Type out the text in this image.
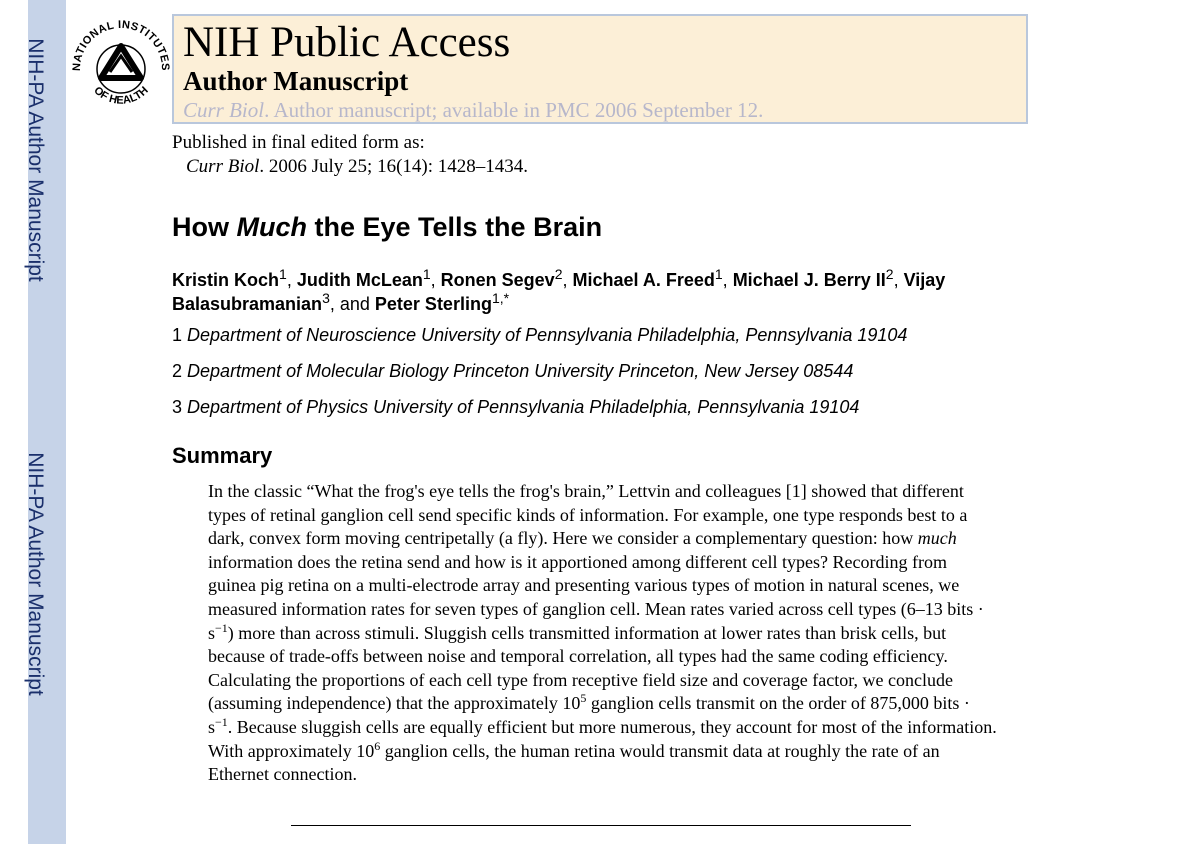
NIH-PA Author Manuscript
NIH-PA Author Manuscript
NATIONAL INSTITUTES
OF HEALTH
NIH Public Access
Author Manuscript
Curr Biol. Author manuscript; available in PMC 2006 September 12.
Published in final edited form as:
Curr Biol. 2006 July 25; 16(14): 1428–1434.
How Much the Eye Tells the Brain
Kristin Koch$^1$, Judith McLean$^1$, Ronen Segev$^2$, Michael A. Freed$^1$, Michael J. Berry $II^2$, Vijay Balasubramanian$^3$, and Peter Sterling$^{1,*}$
1 Department of Neuroscience University of Pennsylvania Philadelphia, Pennsylvania 19104
2 Department of Molecular Biology Princeton University Princeton, New Jersey 08544
3 Department of Physics University of Pennsylvania Philadelphia, Pennsylvania 19104
Summary
In the classic “What the frog's eye tells the frog's brain,” Lettvin and colleagues [1] showed that different types of retinal ganglion cell send specific kinds of information. For example, one type responds best to a dark, convex form moving centripetally (a fly). Here we consider a complementary question: how much information does the retina send and how is it apportioned among different cell types? Recording from guinea pig retina on a multi-electrode array and presenting various types of motion in natural scenes, we measured information rates for seven types of ganglion cell. Mean rates varied across cell types (6–13 bits · $s^{-1}$) more than across stimuli. Sluggish cells transmitted information at lower rates than brisk cells, but because of trade-offs between noise and temporal correlation, all types had the same coding efficiency. Calculating the proportions of each cell type from receptive field size and coverage factor, we conclude (assuming independence) that the approximately $10^5$ ganglion cells transmit on the order of 875,000 bits · $s^{-1}$. Because sluggish cells are equally efficient but more numerous, they account for most of the information. With approximately $10^6$ ganglion cells, the human retina would transmit data at roughly the rate of an Ethernet connection.
